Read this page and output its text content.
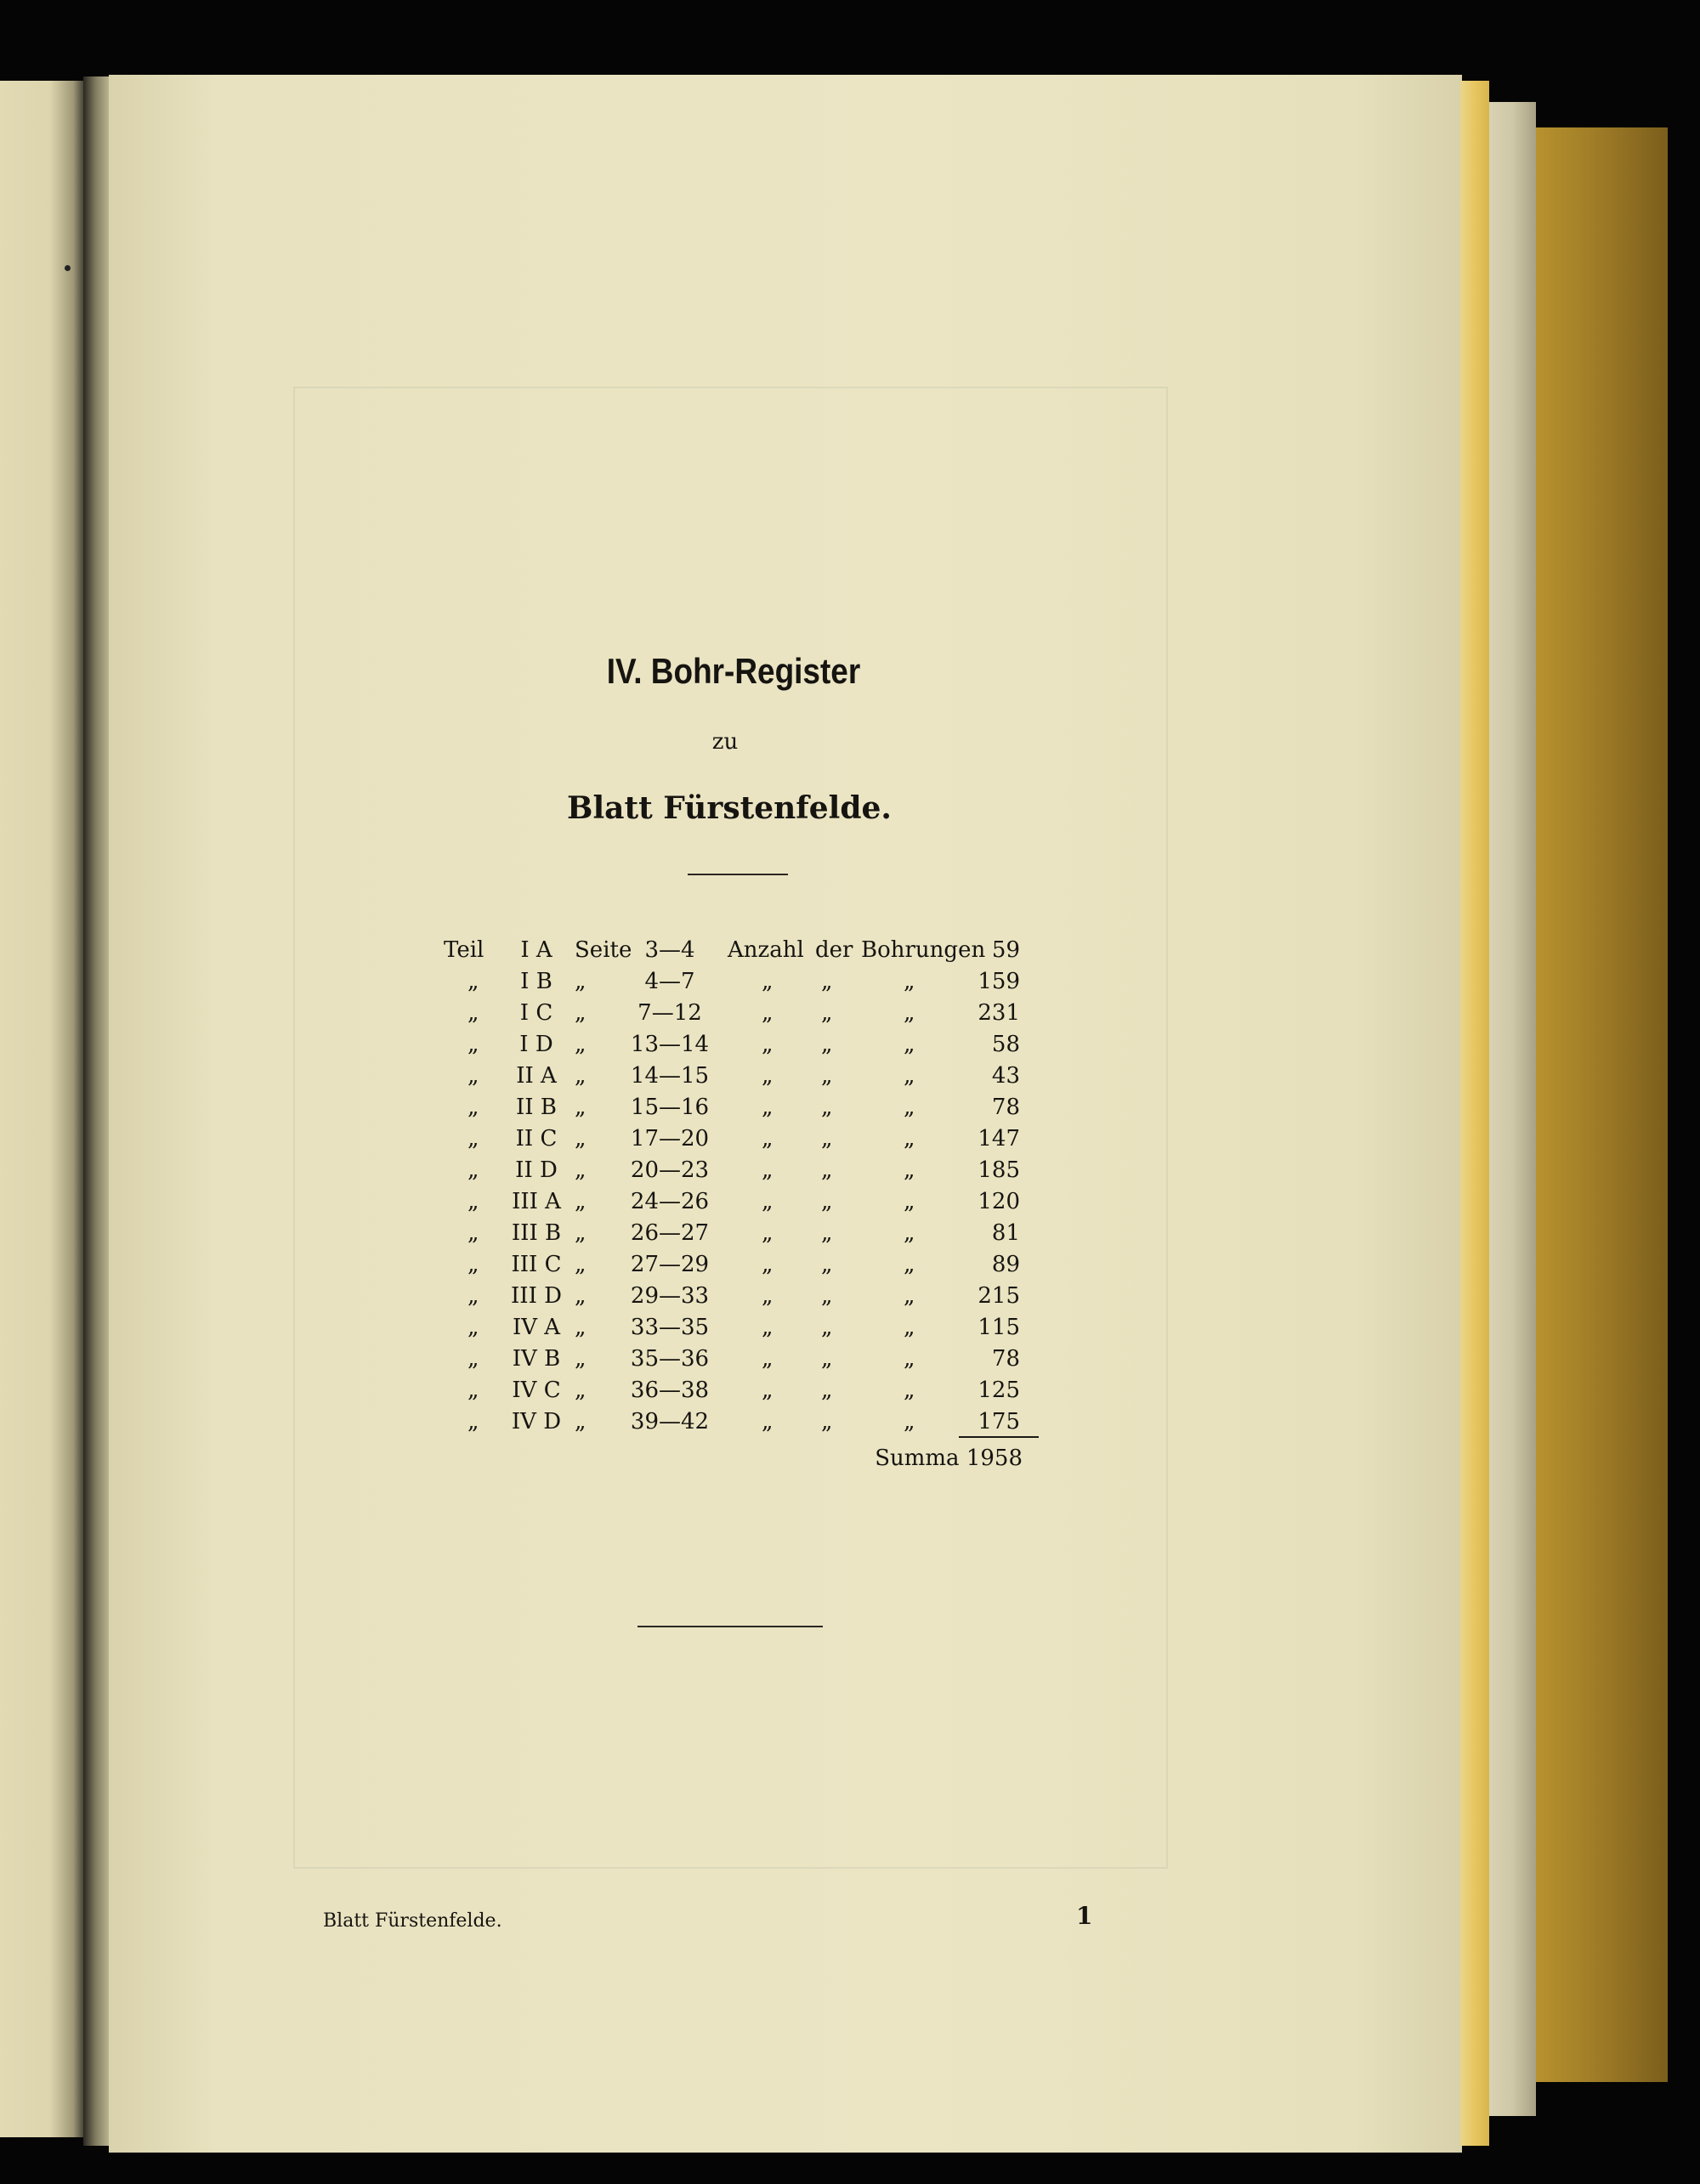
IV. Bohr-Register
zu
Blatt Fürstenfelde.
Teil	I A	Seite 3—4	Anzahl der Bohrungen 59
„	I B	„	4—7	„ „	„	159
„	I C „	7—12	„ „	„	231
„	I D „	13—14	„ „	„	58
„	II A „	14—15	„ „	„	43
„	II B „	15—16	„ „	„	78
„	II C „	17—20	„ „	„	147
„	II D „	20—23	„ „	„	185
„	III A „	24—26	„ „	„	120
„	III B „	26—27	„ „	„	81
„	III C „	27—29	„ „	„	89
„	III D „	29—33	„ „	„	215
„	IV A „	33—35	„ „	„	115
„	IV B „	35—36	„ „	„	78
„	IV C „	36—38	„ „	„	125
„	IV D „	39—42	„ „	„	175
Summa 1958
Blatt Fürstenfelde.	1
